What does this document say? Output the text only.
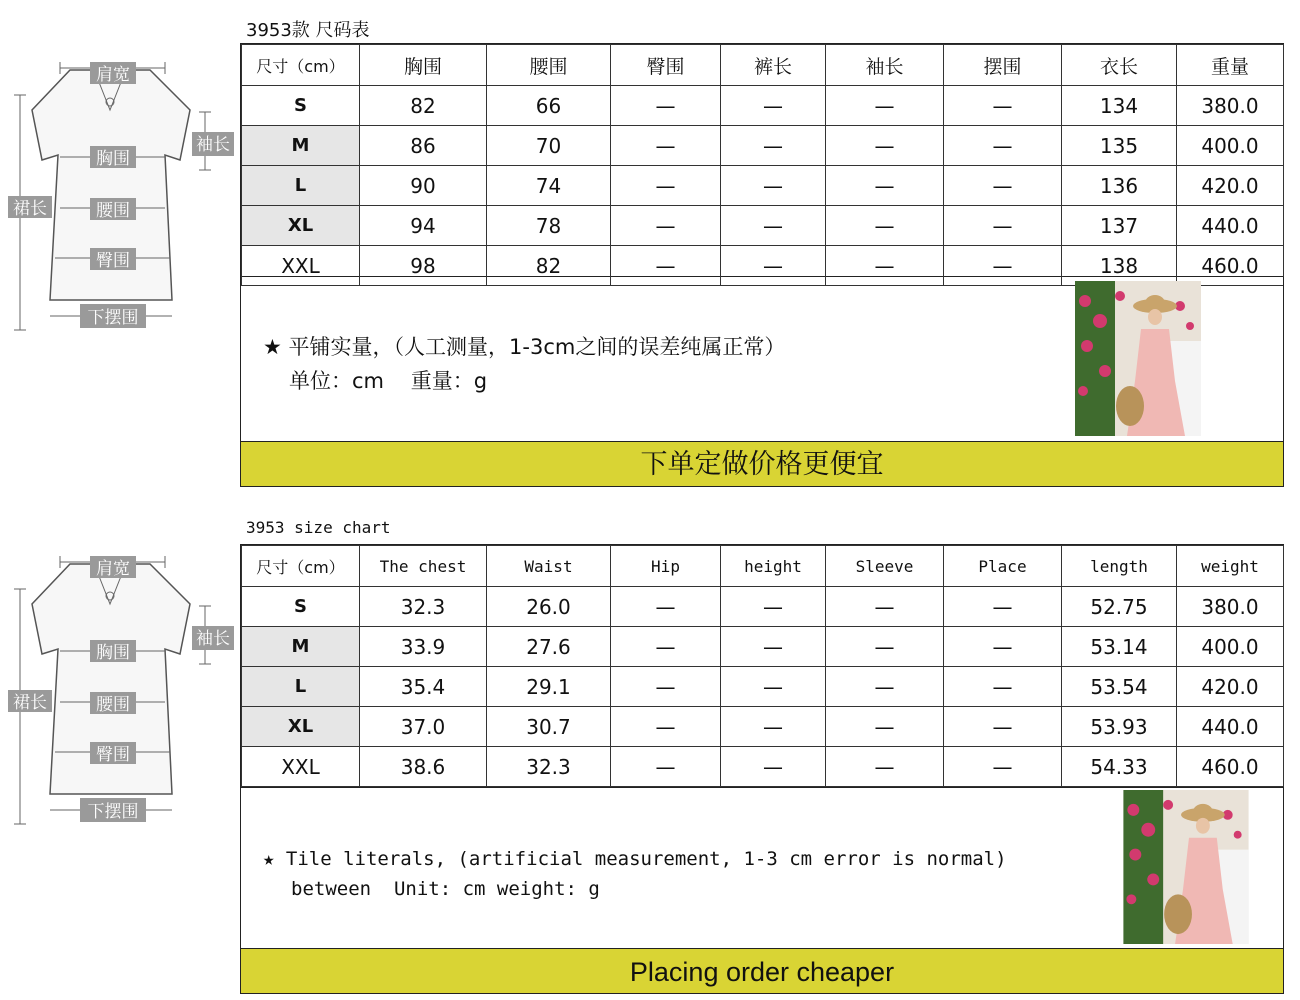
3953款 尺码表
肩宽
袖长
胸围
裙长	腰围
臀围
下摆围
尺寸（cm）	胸围	腰围	臀围	裤长	袖长	摆围	衣长	重量
S	82	66	—	—	—	—	134	380.0
M	86	70	—	—	—	—	135	400.0
L	90	74	—	—	—	—	136	420.0
XL	94	78	—	—	—	—	137	440.0
XXL	98	82	—	—	—	—	138	460.0
★ 平铺实量，（人工测量，1-3cm之间的误差纯属正常）
单位：cm    重量：g
下单定做价格更便宜
3953 size chart
肩宽
袖长
胸围
裙长	腰围
臀围
下摆围
尺寸（cm）	The chest	Waist	Hip	height	Sleeve	Place	length	weight
S	32.3	26.0	—	—	—	—	52.75	380.0
M	33.9	27.6	—	—	—	—	53.14	400.0
L	35.4	29.1	—	—	—	—	53.54	420.0
XL	37.0	30.7	—	—	—	—	53.93	440.0
XXL	38.6	32.3	—	—	—	—	54.33	460.0
★ Tile literals, (artificial measurement, 1-3 cm error is normal)
between  Unit: cm weight: g
Placing order cheaper
